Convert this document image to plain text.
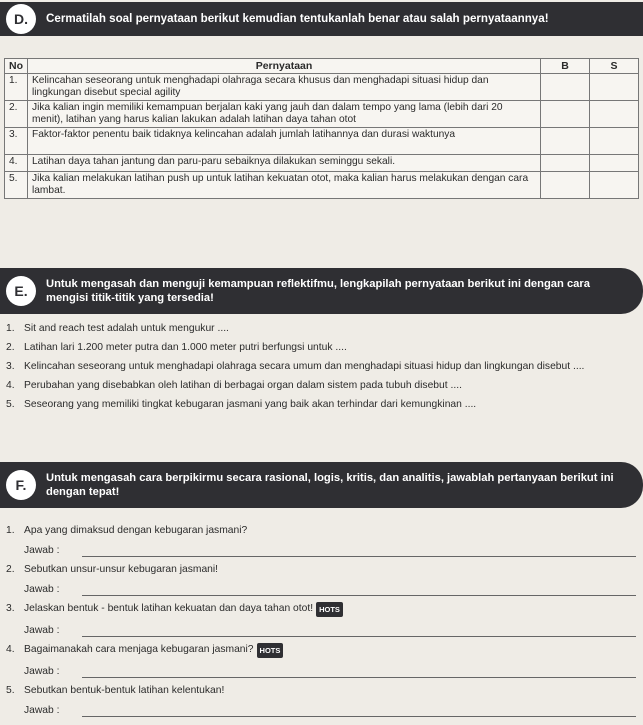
D.	Cermatilah soal pernyataan berikut kemudian tentukanlah benar atau salah pernyataannya!
No	Pernyataan	B	S
1.	Kelincahan seseorang untuk menghadapi olahraga secara khusus dan menghadapi situasi hidup dan lingkungan disebut special agility		
2.	Jika kalian ingin memiliki kemampuan berjalan kaki yang jauh dan dalam tempo yang lama (lebih dari 20 menit), latihan yang harus kalian lakukan adalah latihan daya tahan otot		
3.	Faktor-faktor penentu baik tidaknya kelincahan adalah jumlah latihannya dan durasi waktunya		
4.	Latihan daya tahan jantung dan paru-paru sebaiknya dilakukan seminggu sekali.		
5.	Jika kalian melakukan latihan push up untuk latihan kekuatan otot, maka kalian harus melakukan dengan cara lambat.		
E.	Untuk mengasah dan menguji kemampuan reflektifmu, lengkapilah pernyataan berikut ini dengan cara mengisi titik-titik yang tersedia!
1. Sit and reach test adalah untuk mengukur ....
2. Latihan lari 1.200 meter putra dan 1.000 meter putri berfungsi untuk ....
3. Kelincahan seseorang untuk menghadapi olahraga secara umum dan menghadapi situasi hidup dan lingkungan disebut ....
4. Perubahan yang disebabkan oleh latihan di berbagai organ dalam sistem pada tubuh disebut ....
5. Seseorang yang memiliki tingkat kebugaran jasmani yang baik akan terhindar dari kemungkinan ....
F.	Untuk mengasah cara berpikirmu secara rasional, logis, kritis, dan analitis, jawablah pertanyaan berikut ini dengan tepat!
1. Apa yang dimaksud dengan kebugaran jasmani?
Jawab :
2. Sebutkan unsur-unsur kebugaran jasmani!
Jawab :
3. Jelaskan bentuk - bentuk latihan kekuatan dan daya tahan otot! HOTS
Jawab :
4. Bagaimanakah cara menjaga kebugaran jasmani? HOTS
Jawab :
5. Sebutkan bentuk-bentuk latihan kelentukan!
Jawab :
